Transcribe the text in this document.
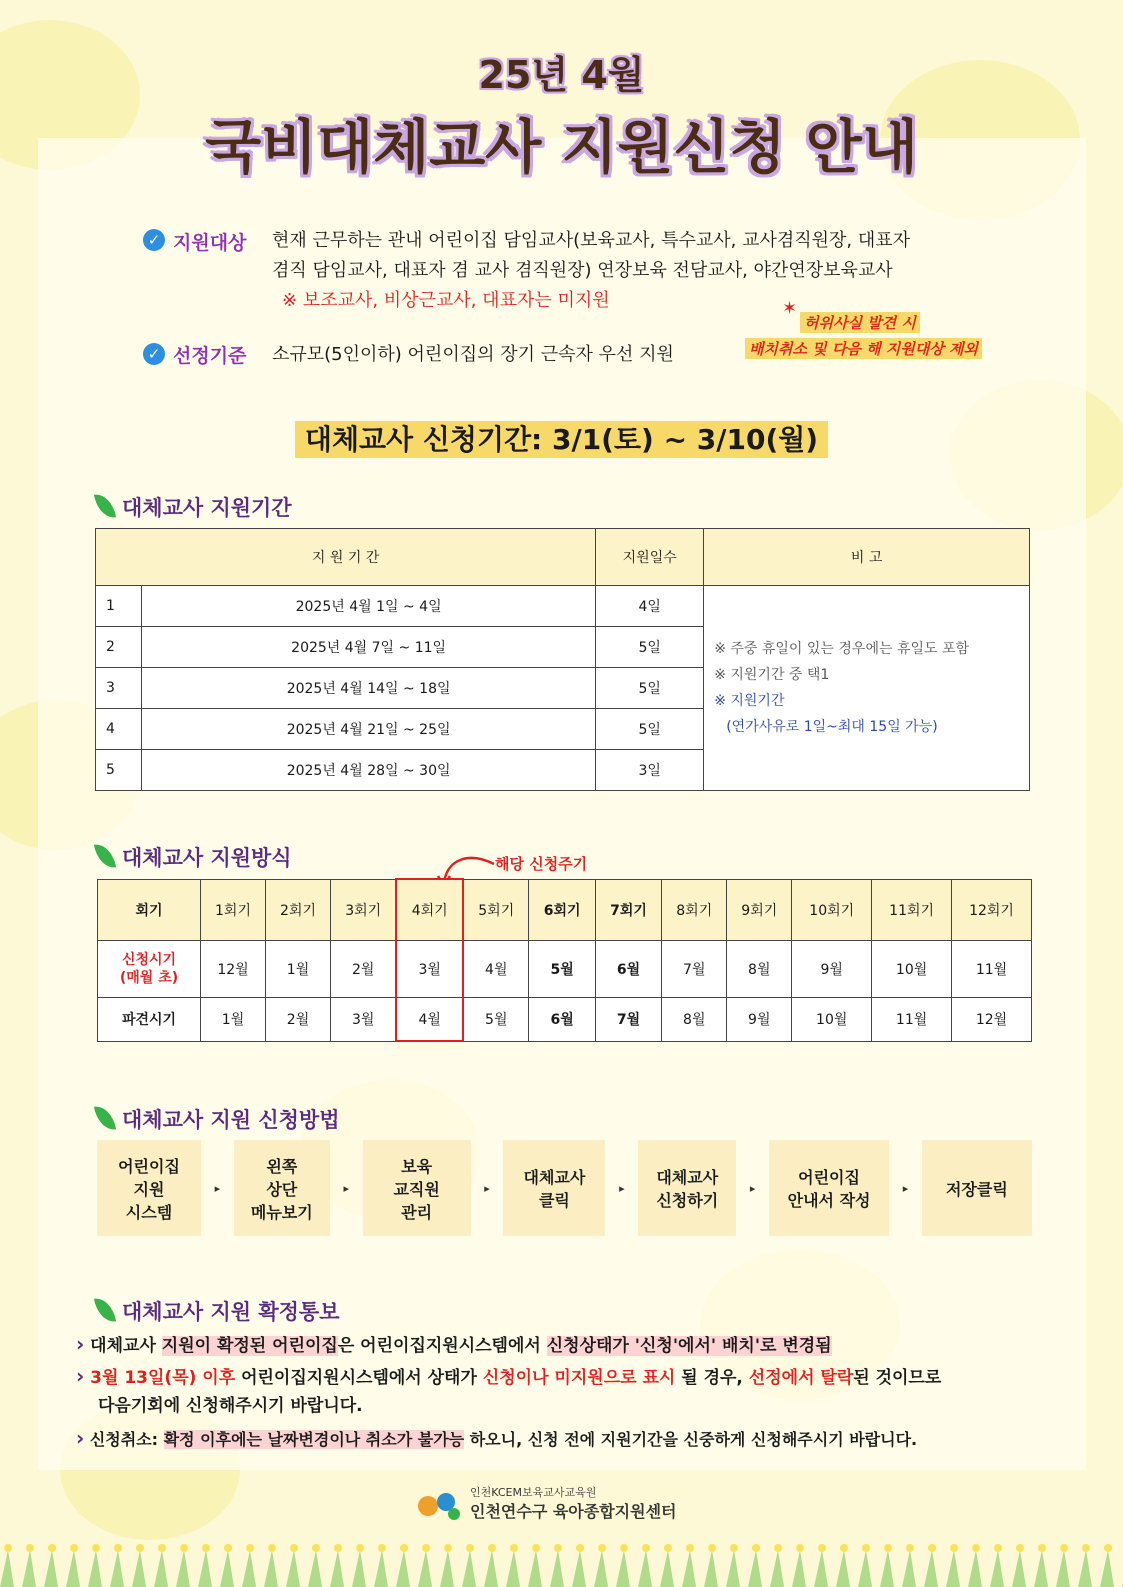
25년 4월
국비대체교사 지원신청 안내
✓ 지원대상 현재 근무하는 관내 어린이집 담임교사(보육교사, 특수교사, 교사겸직원장, 대표자
겸직 담임교사, 대표자 겸 교사 겸직원장) 연장보육 전담교사, 야간연장보육교사
※ 보조교사, 비상근교사, 대표자는 미지원
✓ 선정기준 소규모(5인이하) 어린이집의 장기 근속자 우선 지원
✶
허위사실 발견 시
배치취소 및 다음 해 지원대상 제외
대체교사 신청기간: 3/1(토) ~ 3/10(월)
대체교사 지원기간
지 원 기 간		지원일수	비 고
1	2025년 4월 1일 ~ 4일	4일	※ 주중 휴일이 있는 경우에는 휴일도 포함
※ 지원기간 중 택1
※ 지원기간
(연가사유로 1일~최대 15일 가능)

2	2025년 4월 7일 ~ 11일	5일	
3	2025년 4월 14일 ~ 18일	5일	
4	2025년 4월 21일 ~ 25일	5일	
5	2025년 4월 28일 ~ 30일	3일	
대체교사 지원방식	해당 신청주기
회기	1회기	2회기	3회기	4회기	5회기	6회기	7회기	8회기	9회기	10회기	11회기	12회기

신청시기
(매월 초)	12월	1월	2월	3월	4월	5월	6월	7월	8월	9월	10월	11월
파견시기	1월	2월	3월	4월	5월	6월	7월	8월	9월	10월	11월	12월
대체교사 지원 신청방법
어린이집
지원
시스템
▸
왼쪽
상단
메뉴보기
▸
보육
교직원
관리
▸
대체교사
클릭
▸
대체교사
신청하기
▸
어린이집
안내서 작성
▸	저장클릭
대체교사 지원 확정통보
› 대체교사 지원이 확정된 어린이집은 어린이집지원시스템에서 신청상태가 '신청'에서' 배치'로 변경됨
› 3월 13일(목) 이후 어린이집지원시스템에서 상태가 신청이나 미지원으로 표시 될 경우, 선정에서 탈락된 것이므로
다음기회에 신청해주시기 바랍니다.
› 신청취소: 확정 이후에는 날짜변경이나 취소가 불가능 하오니, 신청 전에 지원기간을 신중하게 신청해주시기 바랍니다.
인천KCEM보육교사교육원
인천연수구 육아종합지원센터
